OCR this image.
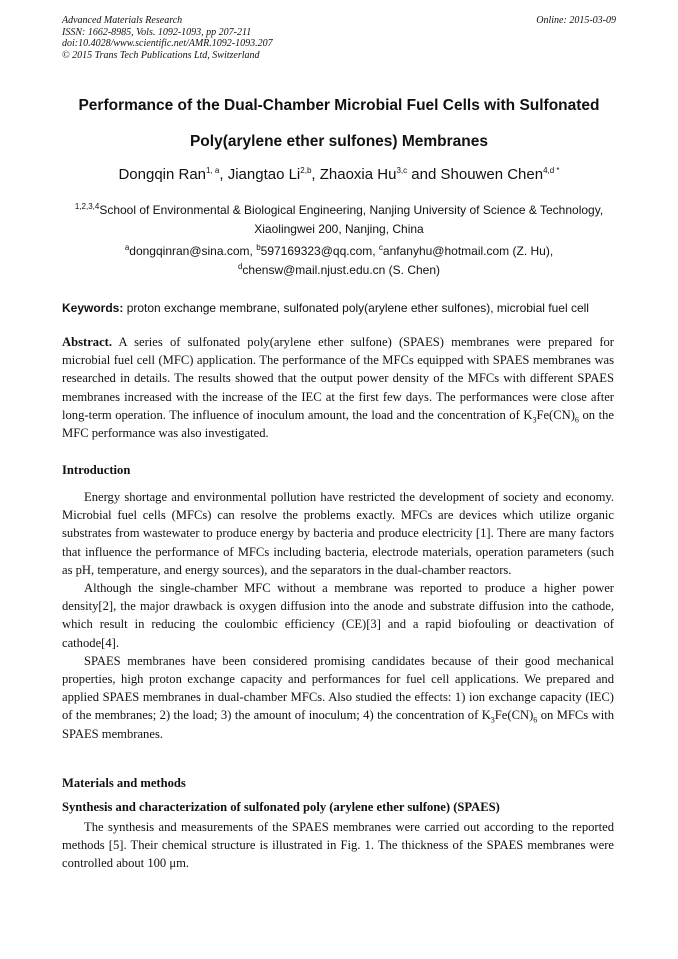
Advanced Materials Research
ISSN: 1662-8985, Vols. 1092-1093, pp 207-211
doi:10.4028/www.scientific.net/AMR.1092-1093.207
© 2015 Trans Tech Publications Ltd, Switzerland
Online: 2015-03-09
Performance of the Dual-Chamber Microbial Fuel Cells with Sulfonated
Poly(arylene ether sulfones) Membranes
Dongqin Ran$^{1, a}$, Jiangtao Li$^{2,b}$, Zhaoxia Hu$^{3,c}$ and Shouwen Chen$^{4,d *}$
$^{1,2,3,4}$School of Environmental & Biological Engineering, Nanjing University of Science & Technology,
Xiaolingwei 200, Nanjing, China
$^a$dongqinran@sina.com, $^b$597169323@qq.com, $^c$anfanyhu@hotmail.com (Z. Hu),
$^d$chensw@mail.njust.edu.cn (S. Chen)
Keywords: proton exchange membrane, sulfonated poly(arylene ether sulfones), microbial fuel cell
Abstract. A series of sulfonated poly(arylene ether sulfone) (SPAES) membranes were prepared for microbial fuel cell (MFC) application. The performance of the MFCs equipped with SPAES membranes was researched in details. The results showed that the output power density of the MFCs with different SPAES membranes increased with the increase of the IEC at the first few days. The performances were close after long-term operation. The influence of inoculum amount, the load and the concentration of $K_3Fe(CN)_6$ on the MFC performance was also investigated.
Introduction

Energy shortage and environmental pollution have restricted the development of society and economy. Microbial fuel cells (MFCs) can resolve the problems exactly. MFCs are devices which utilize organic substrates from wastewater to produce energy by bacteria and produce electricity [1]. There are many factors that influence the performance of MFCs including bacteria, electrode materials, operation parameters (such as pH, temperature, and energy sources), and the separators in the dual-chamber reactors.

Although the single-chamber MFC without a membrane was reported to produce a higher power density[2], the major drawback is oxygen diffusion into the anode and substrate diffusion into the cathode, which result in reducing the coulombic efficiency (CE)[3] and a rapid biofouling or deactivation of cathode[4].

SPAES membranes have been considered promising candidates because of their good mechanical properties, high proton exchange capacity and performances for fuel cell applications. We prepared and applied SPAES membranes in dual-chamber MFCs. Also studied the effects: 1) ion exchange capacity (IEC) of the membranes; 2) the load; 3) the amount of inoculum; 4) the concentration of $K_3Fe(CN)_6$ on MFCs with SPAES membranes.

Materials and methods
Synthesis and characterization of sulfonated poly (arylene ether sulfone) (SPAES)

The synthesis and measurements of the SPAES membranes were carried out according to the reported methods [5]. Their chemical structure is illustrated in Fig. 1. The thickness of the SPAES membranes were controlled about 100 μm.
